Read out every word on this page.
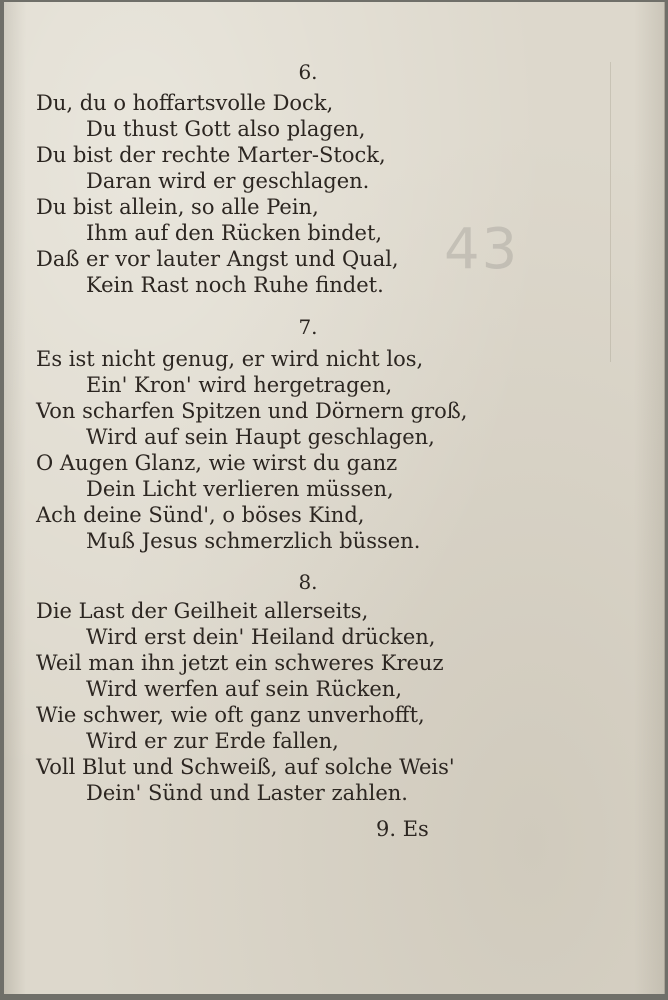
43
6.
Du, du o hoffartsvolle Dock,
Du thust Gott also plagen,
Du bist der rechte Marter-Stock,
Daran wird er geschlagen.
Du bist allein, so alle Pein,
Ihm auf den Rücken bindet,
Daß er vor lauter Angst und Qual,
Kein Rast noch Ruhe findet.
7.
Es ist nicht genug, er wird nicht los,
Ein' Kron' wird hergetragen,
Von scharfen Spitzen und Dörnern groß,
Wird auf sein Haupt geschlagen,
O Augen Glanz, wie wirst du ganz
Dein Licht verlieren müssen,
Ach deine Sünd', o böses Kind,
Muß Jesus schmerzlich büssen.
8.
Die Last der Geilheit allerseits,
Wird erst dein' Heiland drücken,
Weil man ihn jetzt ein schweres Kreuz
Wird werfen auf sein Rücken,
Wie schwer, wie oft ganz unverhofft,
Wird er zur Erde fallen,
Voll Blut und Schweiß, auf solche Weis'
Dein' Sünd und Laster zahlen.
9. Es
